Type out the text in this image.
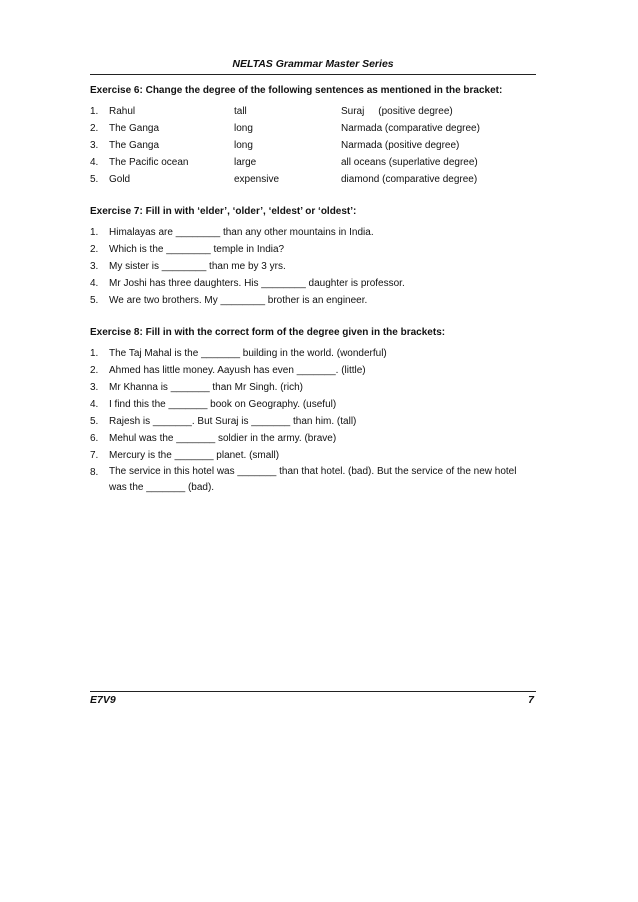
NELTAS Grammar Master Series
Exercise 6: Change the degree of the following sentences as mentioned in the bracket:
1.	Rahul	tall	Suraj     (positive degree)
2.	The Ganga	long	Narmada (comparative degree)
3.	The Ganga	long	Narmada (positive degree)
4.	The Pacific ocean	large	all oceans (superlative degree)
5.	Gold	expensive	diamond (comparative degree)
Exercise 7: Fill in with ‘elder’, ‘older’, ‘eldest’ or ‘oldest’:
1.	Himalayas are ________ than any other mountains in India.
2.	Which is the ________ temple in India?
3.	My sister is ________ than me by 3 yrs.
4.	Mr Joshi has three daughters. His ________ daughter is professor.
5.	We are two brothers. My ________ brother is an engineer.
Exercise 8: Fill in with the correct form of the degree given in the brackets:
1.	The Taj Mahal is the _______ building in the world. (wonderful)
2.	Ahmed has little money. Aayush has even _______. (little)
3.	Mr Khanna is _______ than Mr Singh. (rich)
4.	I find this the _______ book on Geography. (useful)
5.	Rajesh is _______. But Suraj is _______ than him. (tall)
6.	Mehul was the _______ soldier in the army. (brave)
7.	Mercury is the _______ planet. (small)
8.	The service in this hotel was _______ than that hotel. (bad). But the service of the new hotel was the _______ (bad).
E7V9	7
